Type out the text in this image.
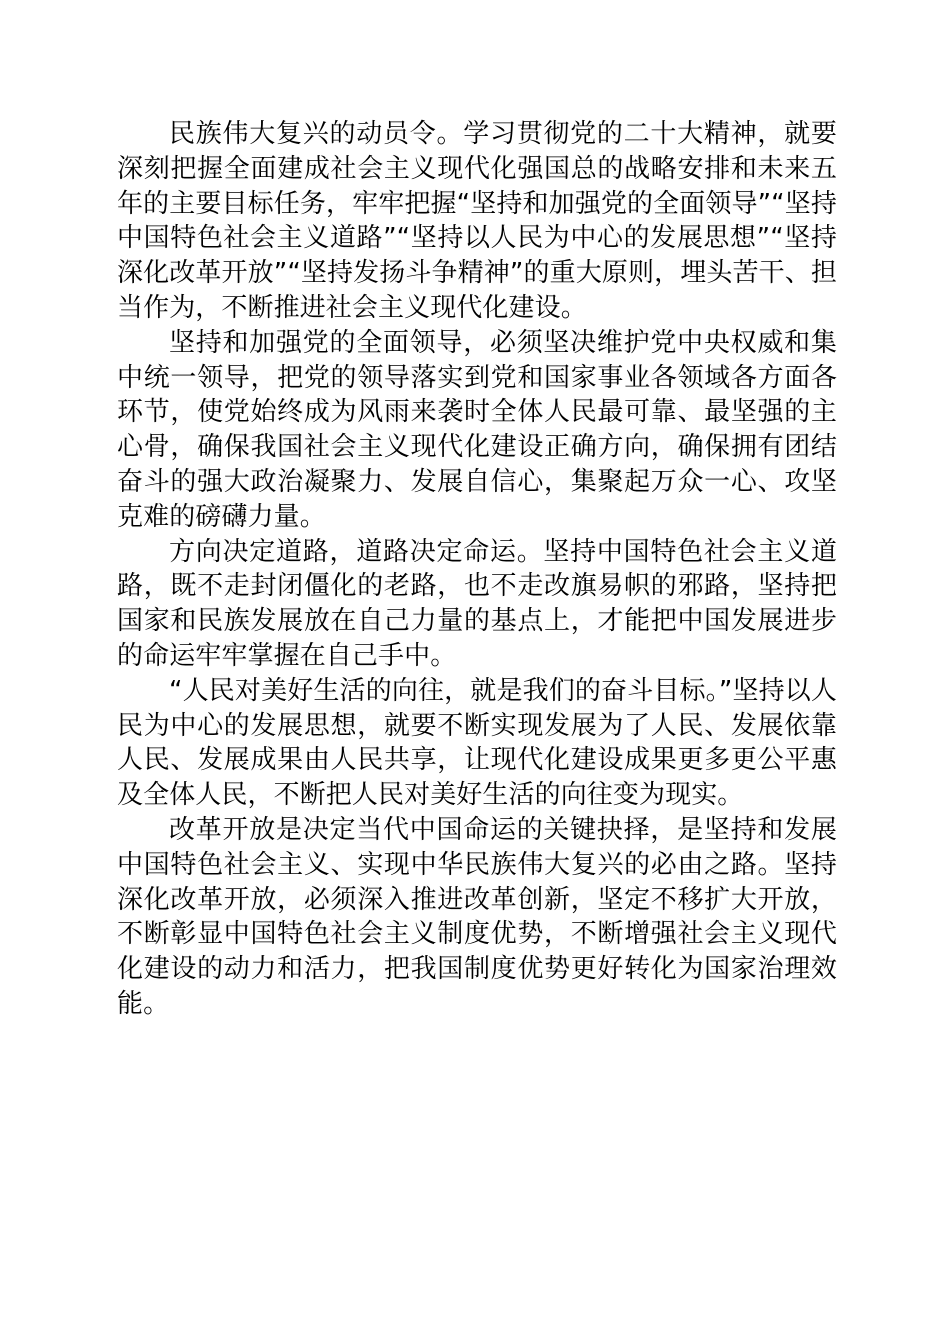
民族伟大复兴的动员令。学习贯彻党的二十大精神，就要深刻把握全面建成社会主义现代化强国总的战略安排和未来五年的主要目标任务，牢牢把握“坚持和加强党的全面领导”“坚持中国特色社会主义道路”“坚持以人民为中心的发展思想”“坚持深化改革开放”“坚持发扬斗争精神”的重大原则，埋头苦干、担当作为，不断推进社会主义现代化建设。

坚持和加强党的全面领导，必须坚决维护党中央权威和集中统一领导，把党的领导落实到党和国家事业各领域各方面各环节，使党始终成为风雨来袭时全体人民最可靠、最坚强的主心骨，确保我国社会主义现代化建设正确方向，确保拥有团结奋斗的强大政治凝聚力、发展自信心，集聚起万众一心、攻坚克难的磅礴力量。

方向决定道路，道路决定命运。坚持中国特色社会主义道路，既不走封闭僵化的老路，也不走改旗易帜的邪路，坚持把国家和民族发展放在自己力量的基点上，才能把中国发展进步的命运牢牢掌握在自己手中。

“人民对美好生活的向往，就是我们的奋斗目标。”坚持以人民为中心的发展思想，就要不断实现发展为了人民、发展依靠人民、发展成果由人民共享，让现代化建设成果更多更公平惠及全体人民，不断把人民对美好生活的向往变为现实。

改革开放是决定当代中国命运的关键抉择，是坚持和发展中国特色社会主义、实现中华民族伟大复兴的必由之路。坚持深化改革开放，必须深入推进改革创新，坚定不移扩大开放，不断彰显中国特色社会主义制度优势，不断增强社会主义现代化建设的动力和活力，把我国制度优势更好转化为国家治理效能。
